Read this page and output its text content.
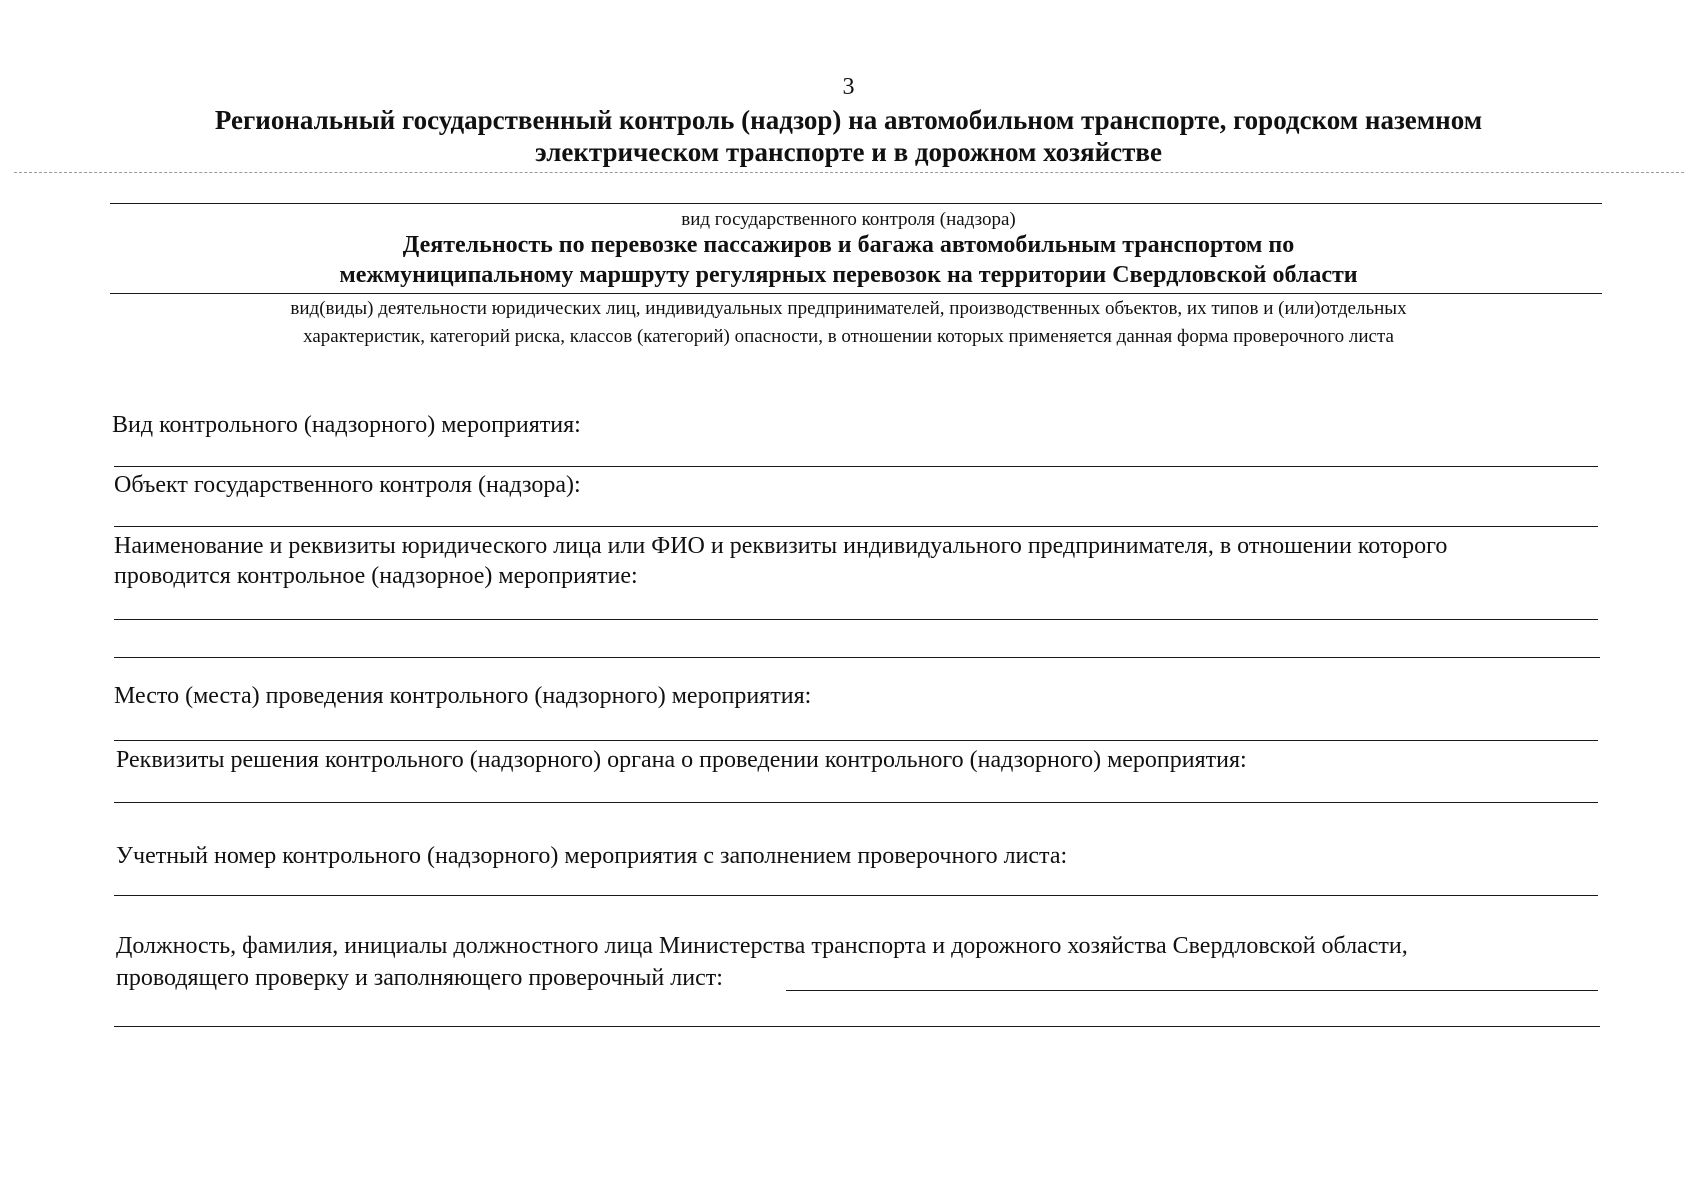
3
Региональный государственный контроль (надзор) на автомобильном транспорте, городском наземном
электрическом транспорте и в дорожном хозяйстве
вид государственного контроля (надзора)
Деятельность по перевозке пассажиров и багажа автомобильным транспортом по
межмуниципальному маршруту регулярных перевозок на территории Свердловской области
вид(виды) деятельности юридических лиц, индивидуальных предпринимателей, производственных объектов, их типов и (или)отдельных
характеристик, категорий риска, классов (категорий) опасности, в отношении которых применяется данная форма проверочного листа
Вид контрольного (надзорного) мероприятия:
Объект государственного контроля (надзора):
Наименование и реквизиты юридического лица или ФИО и реквизиты индивидуального предпринимателя, в отношении которого
проводится контрольное (надзорное) мероприятие:
Место (места) проведения контрольного (надзорного) мероприятия:
Реквизиты решения контрольного (надзорного) органа о проведении контрольного (надзорного) мероприятия:
Учетный номер контрольного (надзорного) мероприятия с заполнением проверочного листа:
Должность, фамилия, инициалы должностного лица Министерства транспорта и дорожного хозяйства Свердловской области,
проводящего проверку и заполняющего проверочный лист:
